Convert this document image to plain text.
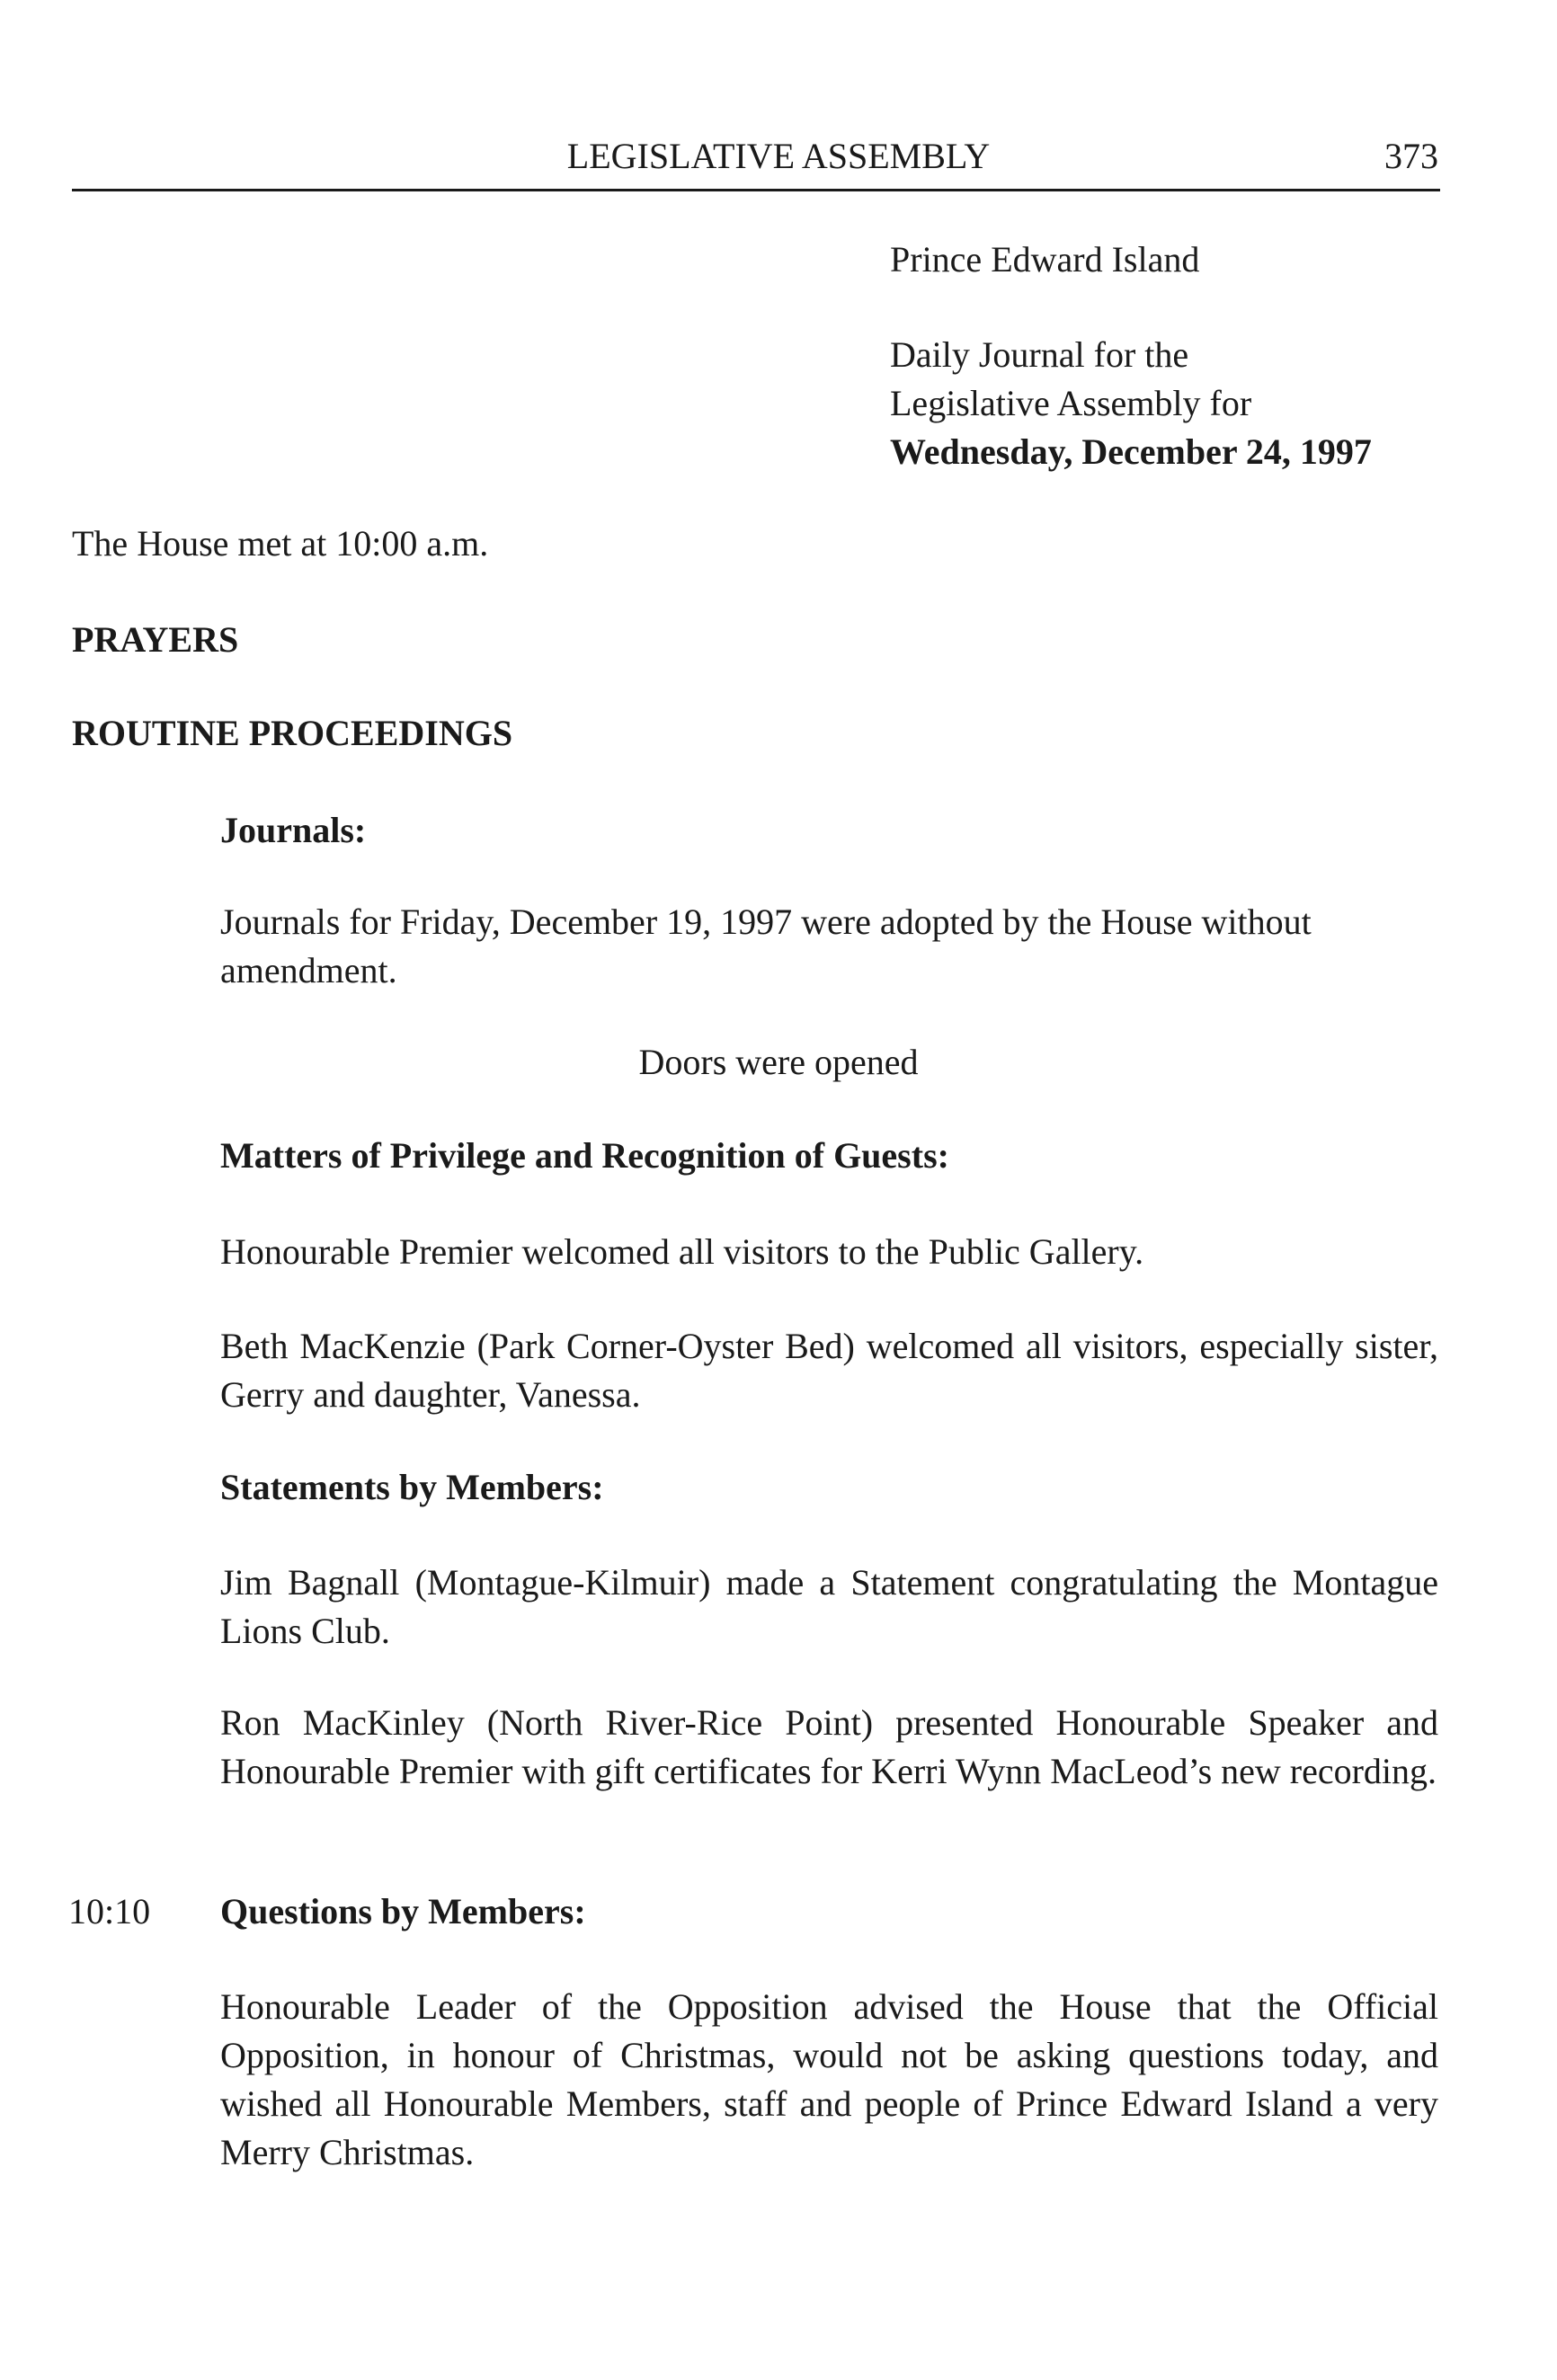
LEGISLATIVE ASSEMBLY	373
Prince Edward Island
Daily Journal for the
Legislative Assembly for
Wednesday, December 24, 1997
The House met at 10:00 a.m.
PRAYERS
ROUTINE PROCEEDINGS
Journals:
Journals for Friday, December 19, 1997 were adopted by the House without amendment.
Doors were opened
Matters of Privilege and Recognition of Guests:
Honourable Premier welcomed all visitors to the Public Gallery.
Beth MacKenzie (Park Corner-Oyster Bed) welcomed all visitors, especially sister, Gerry and daughter, Vanessa.
Statements by Members:
Jim Bagnall (Montague-Kilmuir) made a Statement congratulating the Montague Lions Club.
Ron MacKinley (North River-Rice Point) presented Honourable Speaker and Honourable Premier with gift certificates for Kerri Wynn MacLeod’s new recording.
10:10 Questions by Members:
Honourable Leader of the Opposition advised the House that the Official Opposition, in honour of Christmas, would not be asking questions today, and wished all Honourable Members, staff and people of Prince Edward Island a very Merry Christmas.
